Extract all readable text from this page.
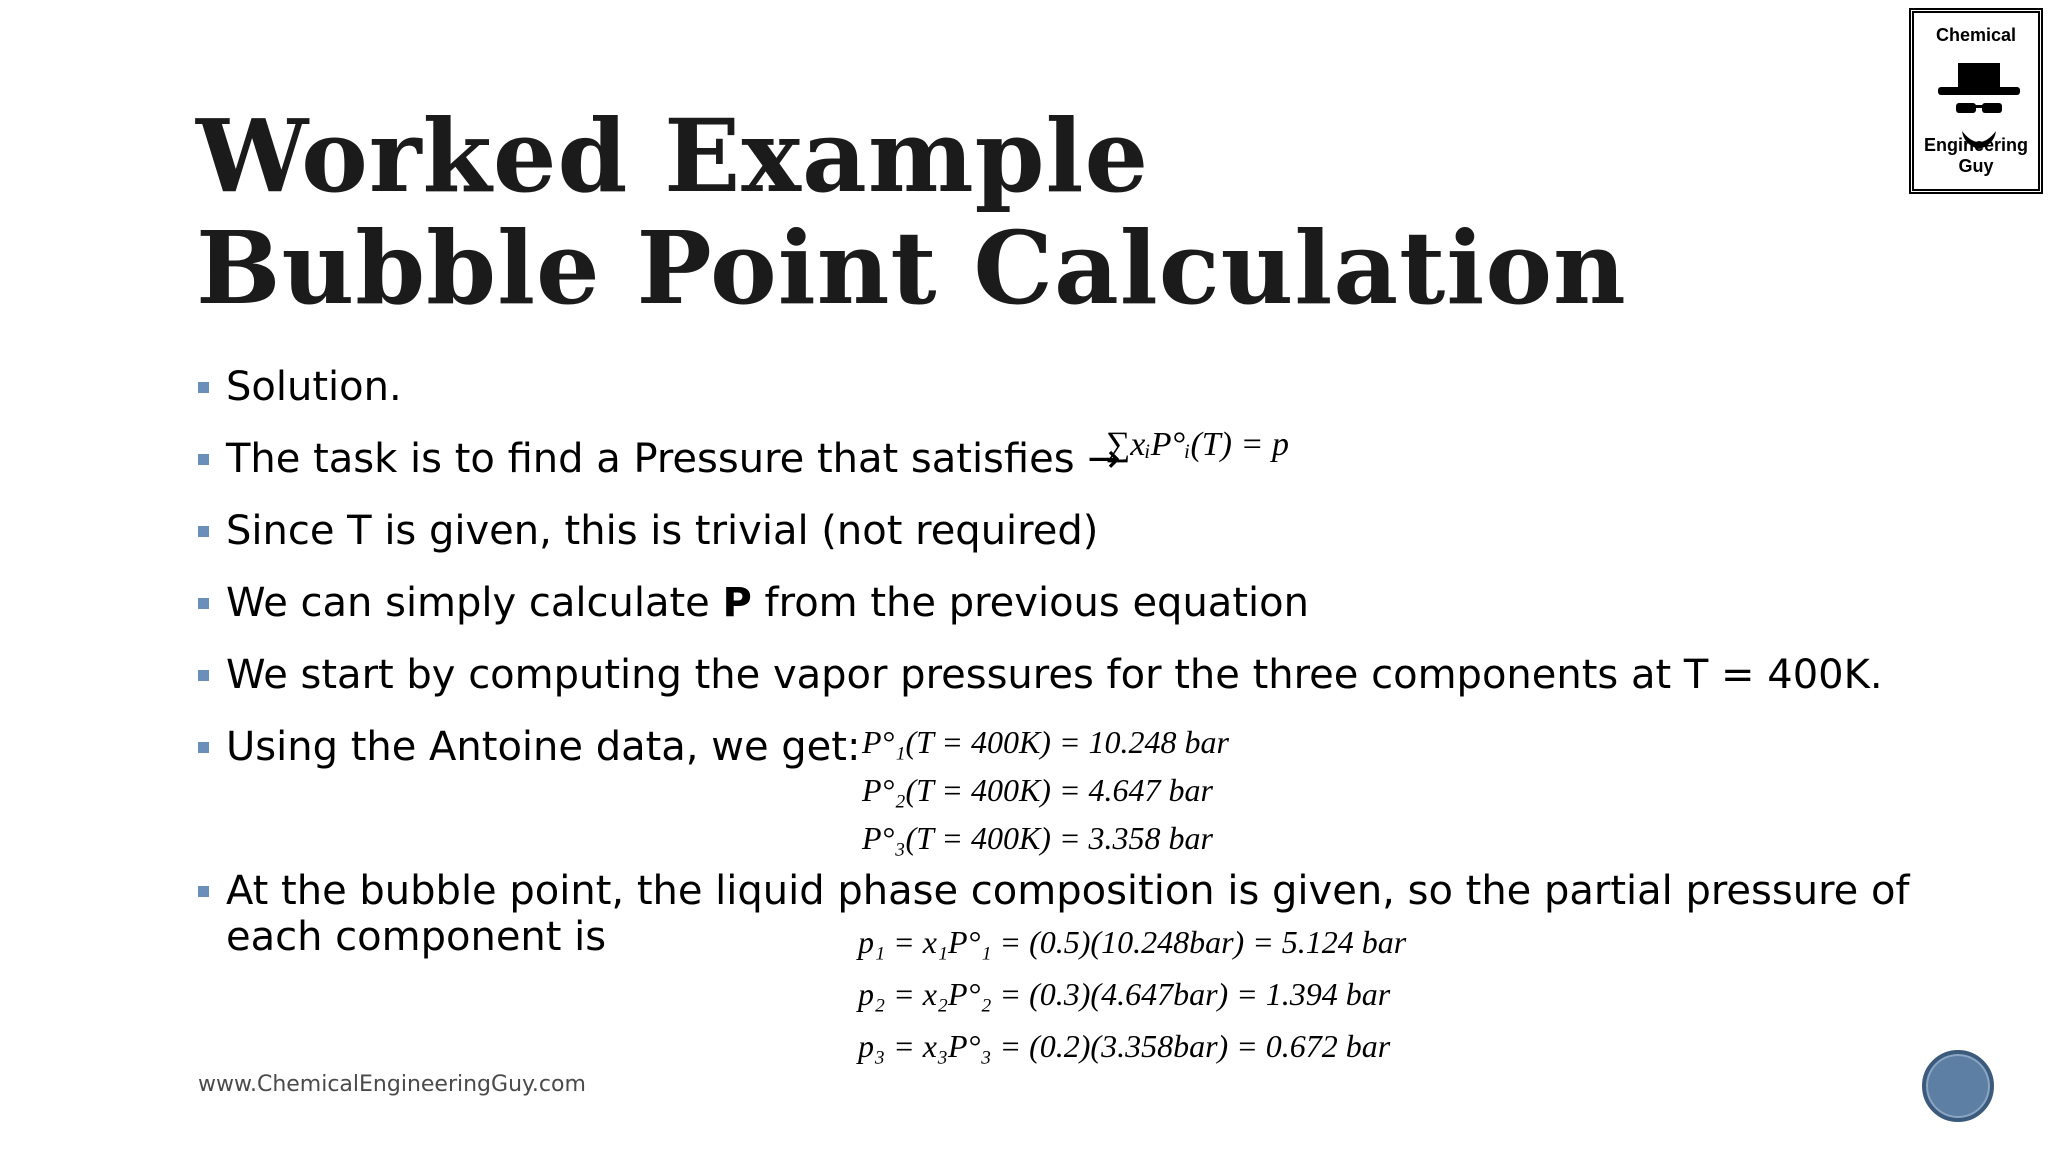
Worked Example
Bubble Point Calculation
Solution.
The task is to find a Pressure that satisfies →
Since T is given, this is trivial (not required)
We can simply calculate P from the previous equation
We start by computing the vapor pressures for the three components at T = 400K.
Using the Antoine data, we get:
At the bubble point, the liquid phase composition is given, so the partial pressure of
each component is
∑xᵢP°ᵢ(T) = p
P°₁(T = 400K) = 10.248 bar
P°₂(T = 400K) = 4.647 bar
P°₃(T = 400K) = 3.358 bar
p₁ = x₁P°₁ = (0.5)(10.248bar) = 5.124 bar
p₂ = x₂P°₂ = (0.3)(4.647bar) = 1.394 bar
p₃ = x₃P°₃ = (0.2)(3.358bar) = 0.672 bar
www.ChemicalEngineeringGuy.com
Chemical
Engineering Guy
